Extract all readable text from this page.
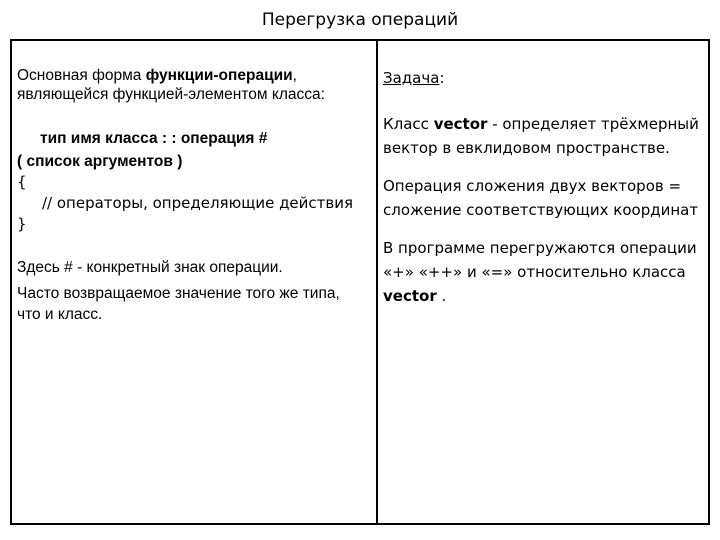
Перегрузка операций

Основная форма функции-операции, являющейся функцией-элементом класса:

тип имя класса : : операция #

( список аргументов )

{

// операторы, определяющие действия

}

Здесь # - конкретный знак операции.

Часто возвращаемое значение того же типа, что и класс.

Задача:

Класс vector - определяет трёхмерный вектор в евклидовом пространстве.

Операция сложения двух векторов = сложение соответствующих координат

В программе перегружаются операции «+» «++» и «=» относительно класса vector .
